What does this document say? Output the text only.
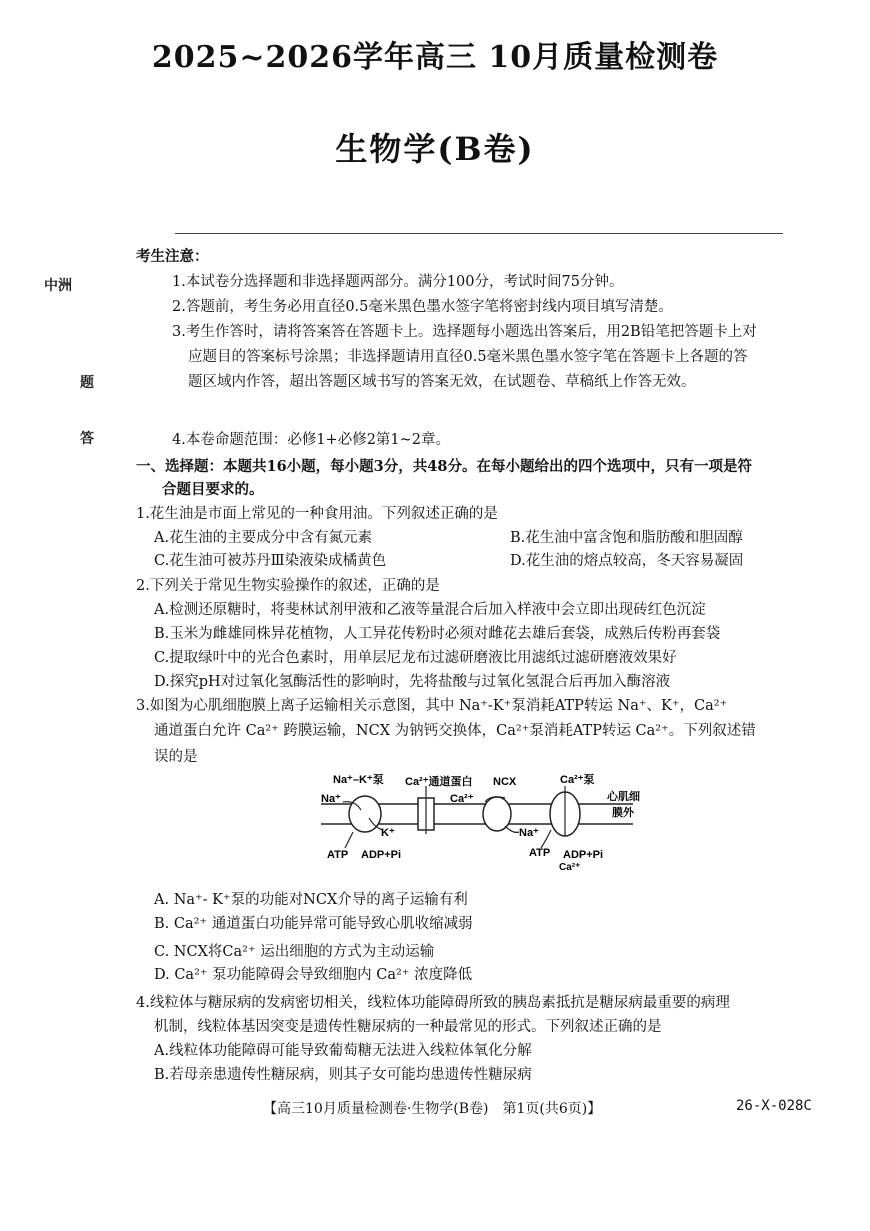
2025~2026学年高三 10月质量检测卷
生物学(B卷)
中洲
题
答
考生注意：
1.本试卷分选择题和非选择题两部分。满分100分，考试时间75分钟。
2.答题前，考生务必用直径0.5毫米黑色墨水签字笔将密封线内项目填写清楚。
3.考生作答时，请将答案答在答题卡上。选择题每小题选出答案后，用2B铅笔把答题卡上对
应题目的答案标号涂黑；非选择题请用直径0.5毫米黑色墨水签字笔在答题卡上各题的答
题区域内作答，超出答题区域书写的答案无效，在试题卷、草稿纸上作答无效。
4.本卷命题范围：必修1+必修2第1~2章。
一、选择题：本题共16小题，每小题3分，共48分。在每小题给出的四个选项中，只有一项是符
合题目要求的。
1.花生油是市面上常见的一种食用油。下列叙述正确的是
A.花生油的主要成分中含有氮元素	B.花生油中富含饱和脂肪酸和胆固醇
C.花生油可被苏丹Ⅲ染液染成橘黄色	D.花生油的熔点较高，冬天容易凝固
2.下列关于常见生物实验操作的叙述，正确的是
A.检测还原糖时，将斐林试剂甲液和乙液等量混合后加入样液中会立即出现砖红色沉淀
B.玉米为雌雄同株异花植物，人工异花传粉时必须对雌花去雄后套袋，成熟后传粉再套袋
C.提取绿叶中的光合色素时，用单层尼龙布过滤研磨液比用滤纸过滤研磨液效果好
D.探究pH对过氧化氢酶活性的影响时，先将盐酸与过氧化氢混合后再加入酶溶液
3.如图为心肌细胞膜上离子运输相关示意图，其中 Na⁺-K⁺泵消耗ATP转运 Na⁺、K⁺，Ca²⁺
通道蛋白允许 Ca²⁺ 跨膜运输，NCX 为钠钙交换体，Ca²⁺泵消耗ATP转运 Ca²⁺。下列叙述错
误的是
Na⁺–K⁺泵 Ca²⁺通道蛋白 NCX	Ca²⁺泵
心肌细
膜外
Na⁺
K⁺
Ca²⁺
Na⁺
ATP ADP+Pi	ATP ADP+Pi
Ca²⁺
A. Na⁺- K⁺泵的功能对NCX介导的离子运输有利
B. Ca²⁺ 通道蛋白功能异常可能导致心肌收缩减弱
C. NCX将Ca²⁺ 运出细胞的方式为主动运输
D. Ca²⁺ 泵功能障碍会导致细胞内 Ca²⁺ 浓度降低
4.线粒体与糖尿病的发病密切相关，线粒体功能障碍所致的胰岛素抵抗是糖尿病最重要的病理
机制，线粒体基因突变是遗传性糖尿病的一种最常见的形式。下列叙述正确的是
A.线粒体功能障碍可能导致葡萄糖无法进入线粒体氧化分解
B.若母亲患遗传性糖尿病，则其子女可能均患遗传性糖尿病
【高三10月质量检测卷·生物学(B卷)　第1页(共6页)】	26-X-028C
